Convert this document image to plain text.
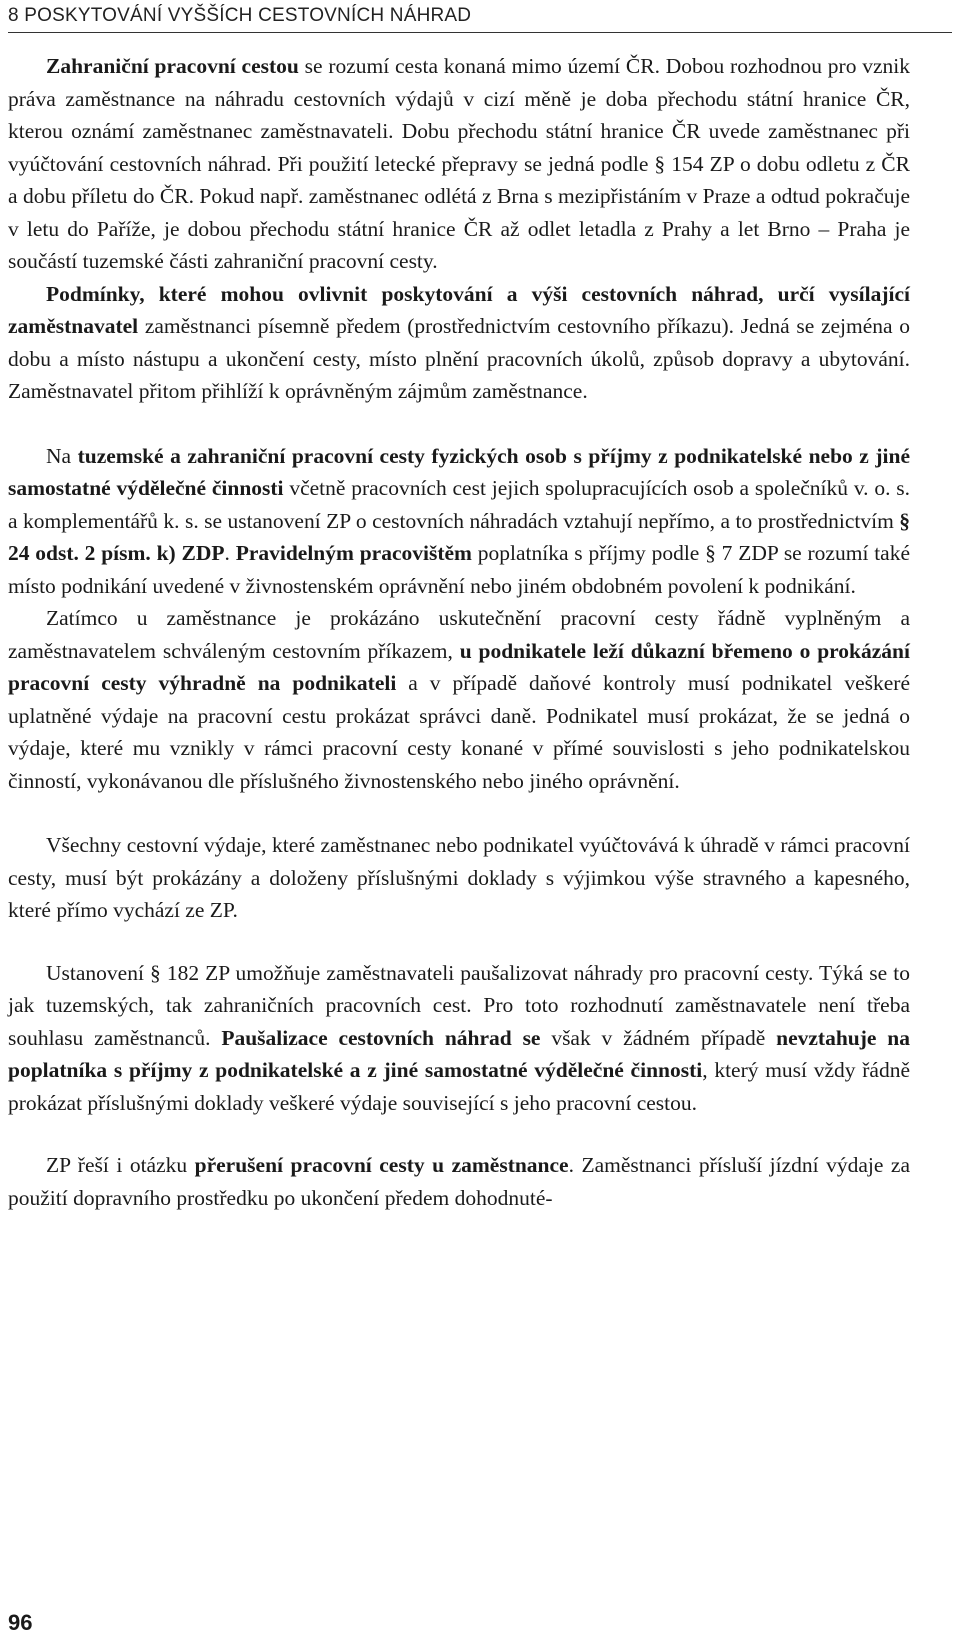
8 POSKYTOVÁNÍ VYŠŠÍCH CESTOVNÍCH NÁHRAD

Zahraniční pracovní cestou se rozumí cesta konaná mimo území ČR. Dobou rozhodnou pro vznik práva zaměstnance na náhradu cestovních výdajů v cizí měně je doba přechodu státní hranice ČR, kterou oznámí zaměstnanec zaměstnavateli. Dobu přechodu státní hranice ČR uvede zaměstnanec při vyúčtování cestovních náhrad. Při použití letecké přepravy se jedná podle § 154 ZP o dobu odletu z ČR a dobu příletu do ČR. Pokud např. zaměstnanec odlétá z Brna s mezipřistáním v Praze a odtud pokračuje v letu do Paříže, je dobou přechodu státní hranice ČR až odlet letadla z Prahy a let Brno – Praha je součástí tuzemské části zahraniční pracovní cesty.

Podmínky, které mohou ovlivnit poskytování a výši cestovních náhrad, určí vysílající zaměstnavatel zaměstnanci písemně předem (prostřednictvím cestovního příkazu). Jedná se zejména o dobu a místo nástupu a ukončení cesty, místo plnění pracovních úkolů, způsob dopravy a ubytování. Zaměstnavatel přitom přihlíží k oprávněným zájmům zaměstnance.

Na tuzemské a zahraniční pracovní cesty fyzických osob s příjmy z podnikatelské nebo z jiné samostatné výdělečné činnosti včetně pracovních cest jejich spolupracujících osob a společníků v. o. s. a komplementářů k. s. se ustanovení ZP o cestovních náhradách vztahují nepřímo, a to prostřednictvím § 24 odst. 2 písm. k) ZDP. Pravidelným pracovištěm poplatníka s příjmy podle § 7 ZDP se rozumí také místo podnikání uvedené v živnostenském oprávnění nebo jiném obdobném povolení k podnikání.

Zatímco u zaměstnance je prokázáno uskutečnění pracovní cesty řádně vyplněným a zaměstnavatelem schváleným cestovním příkazem, u podnikatele leží důkazní břemeno o prokázání pracovní cesty výhradně na podnikateli a v případě daňové kontroly musí podnikatel veškeré uplatněné výdaje na pracovní cestu prokázat správci daně. Podnikatel musí prokázat, že se jedná o výdaje, které mu vznikly v rámci pracovní cesty konané v přímé souvislosti s jeho podnikatelskou činností, vykonávanou dle příslušného živnostenského nebo jiného oprávnění.

Všechny cestovní výdaje, které zaměstnanec nebo podnikatel vyúčtovává k úhradě v rámci pracovní cesty, musí být prokázány a doloženy příslušnými doklady s výjimkou výše stravného a kapesného, které přímo vychází ze ZP.

Ustanovení § 182 ZP umožňuje zaměstnavateli paušalizovat náhrady pro pracovní cesty. Týká se to jak tuzemských, tak zahraničních pracovních cest. Pro toto rozhodnutí zaměstnavatele není třeba souhlasu zaměstnanců. Paušalizace cestovních náhrad se však v žádném případě nevztahuje na poplatníka s příjmy z podnikatelské a z jiné samostatné výdělečné činnosti, který musí vždy řádně prokázat příslušnými doklady veškeré výdaje související s jeho pracovní cestou.

ZP řeší i otázku přerušení pracovní cesty u zaměstnance. Zaměstnanci přísluší jízdní výdaje za použití dopravního prostředku po ukončení předem dohodnuté-

96
